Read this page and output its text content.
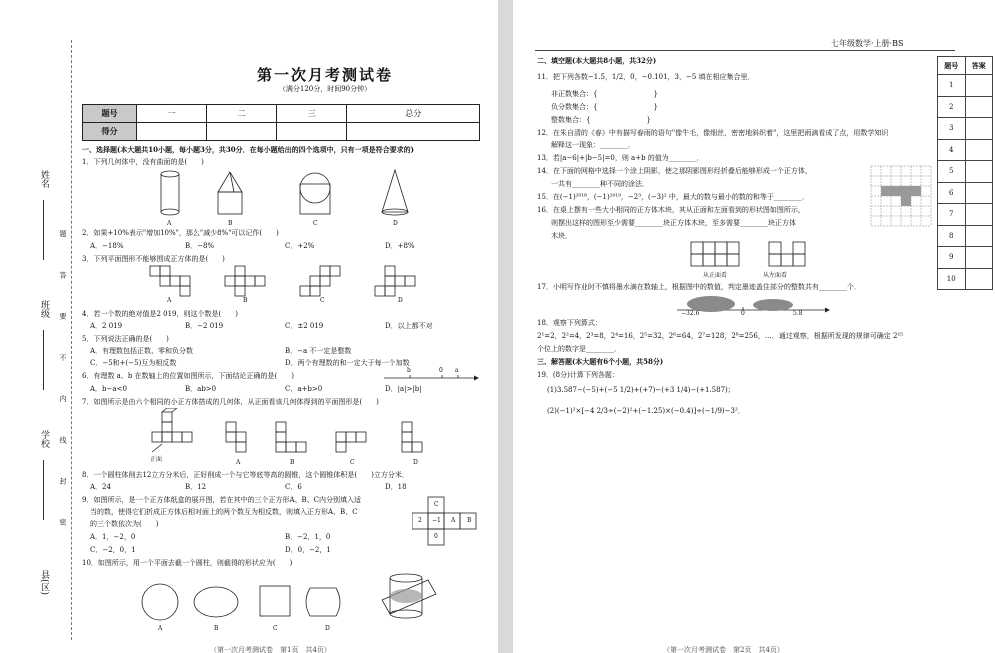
姓名
班级
学校
县(区)
题 答 要 不 内 线 封 密
第一次月考测试卷
（满分120分，时间90分钟）
题号	一	二	三	总分
得分				
一、选择题(本大题共10小题，每小题3分，共30分．在每小题给出的四个选项中，只有一项是符合要求的)
1．下列几何体中，没有曲面的是(　　)
A	B	C	D
2．如果+10%表示"增加10%"，那么"减少8%"可以记作(　　)
A．−18%	B．−8%	C．+2%	D．+8%
3．下列平面图形不能够围成正方体的是(　　)
A	B	C	D
4．若一个数的绝对值是2 019，则这个数是(　　)
A．2 019	B．−2 019	C．±2 019	D．以上都不对
5．下列说法正确的是(　　)
A．有理数包括正数、零和负分数	B．−a 不一定是整数
C．−5和+(−5)互为相反数	D．两个有理数的和一定大于每一个加数
6．有理数 a、b 在数轴上的位置如图所示，下面结论正确的是(　　)
b	0 a
A．b−a<0	B．ab>0	C．a+b>0	D．|a|>|b|
7．如图所示是由六个相同的小正方体搭成的几何体，从正面看该几何体得到的平面图形是(　　)
正面	A	B	C	D
8．一个圆柱体削去12立方分米后，正好削成一个与它等底等高的圆锥，这个圆锥体积是(　　)立方分米．
A．24	B．12	C．6	D．18
9．如图所示，是一个正方体纸盒的展开图，若在其中的三个正方形A、B、C内分别填入适
当的数，使得它们折成正方体后相对面上的两个数互为相反数，则填入正方形A、B、C
的三个数依次为(　　)
C
2 −1 A B
0
A．1，−2，0	B．−2，1，0
C．−2，0，1	D．0，−2，1
10．如图所示，用一个平面去截一个圆柱，则截得的形状应为(　　)
A	B	C	D
（第一次月考测试卷　第1页　共4页）
七年级数学·上册·BS
二、填空题(本大题共8小题，共32分)
11．把下列各数−1.5，1/2，0，−0.101，3，−5 填在相应集合里．
非正数集合：{　　　　　　　　}
负分数集合：{　　　　　　　　}
整数集合：{　　　　　　　　}
12．在朱自清的《春》中有描写春雨的语句"像牛毛，像细丝，密密地斜织着"，这里把雨滴看成了点，用数学知识
解释这一现象：________．
13．若|a−6|+|b−5|=0，则 a+b 的值为________．
14．在下面的网格中选择一个涂上阴影，使之那阴影图形经折叠后能够形成一个正方体，
一共有________种不同的涂法．
15．在(−1)²⁰¹⁸，(−1)²⁰¹⁹，−2³，(−3)² 中，最大的数与最小的数的和等于________．
16．在桌上摆有一些大小相同的正方体木块，其从正面和左面看到的形状图如图所示，
则摆出这样的图形至少需要________块正方体木块，至多需要________块正方体
木块．
从正面看	从左面看
17．小明写作业时不慎将墨水滴在数轴上，根据图中的数值，判定墨迹盖住部分的整数共有________个．
−32.6	0	5.8
18．观察下列算式：
2¹=2，2²=4，2³=8，2⁴=16，2⁵=32，2⁶=64，2⁷=128，2⁸=256，…．通过观察，根据所发现的规律可确定 2¹⁵
个位上的数字是________．
三、解答题(本大题有6个小题，共58分)
19．(8分)计算下列各题：
(1)3.587−(−5)+(−5 1/2)+(+7)−(+3 1/4)−(+1.587)；
(2)(−1)²×[−4 2/3÷(−2)²+(−1.25)×(−0.4)]÷(−1/9)−3²．
题号	答案
1	
2	
3	
4	
5	
6	
7	
8	
9	
10	
（第一次月考测试卷　第2页　共4页）
